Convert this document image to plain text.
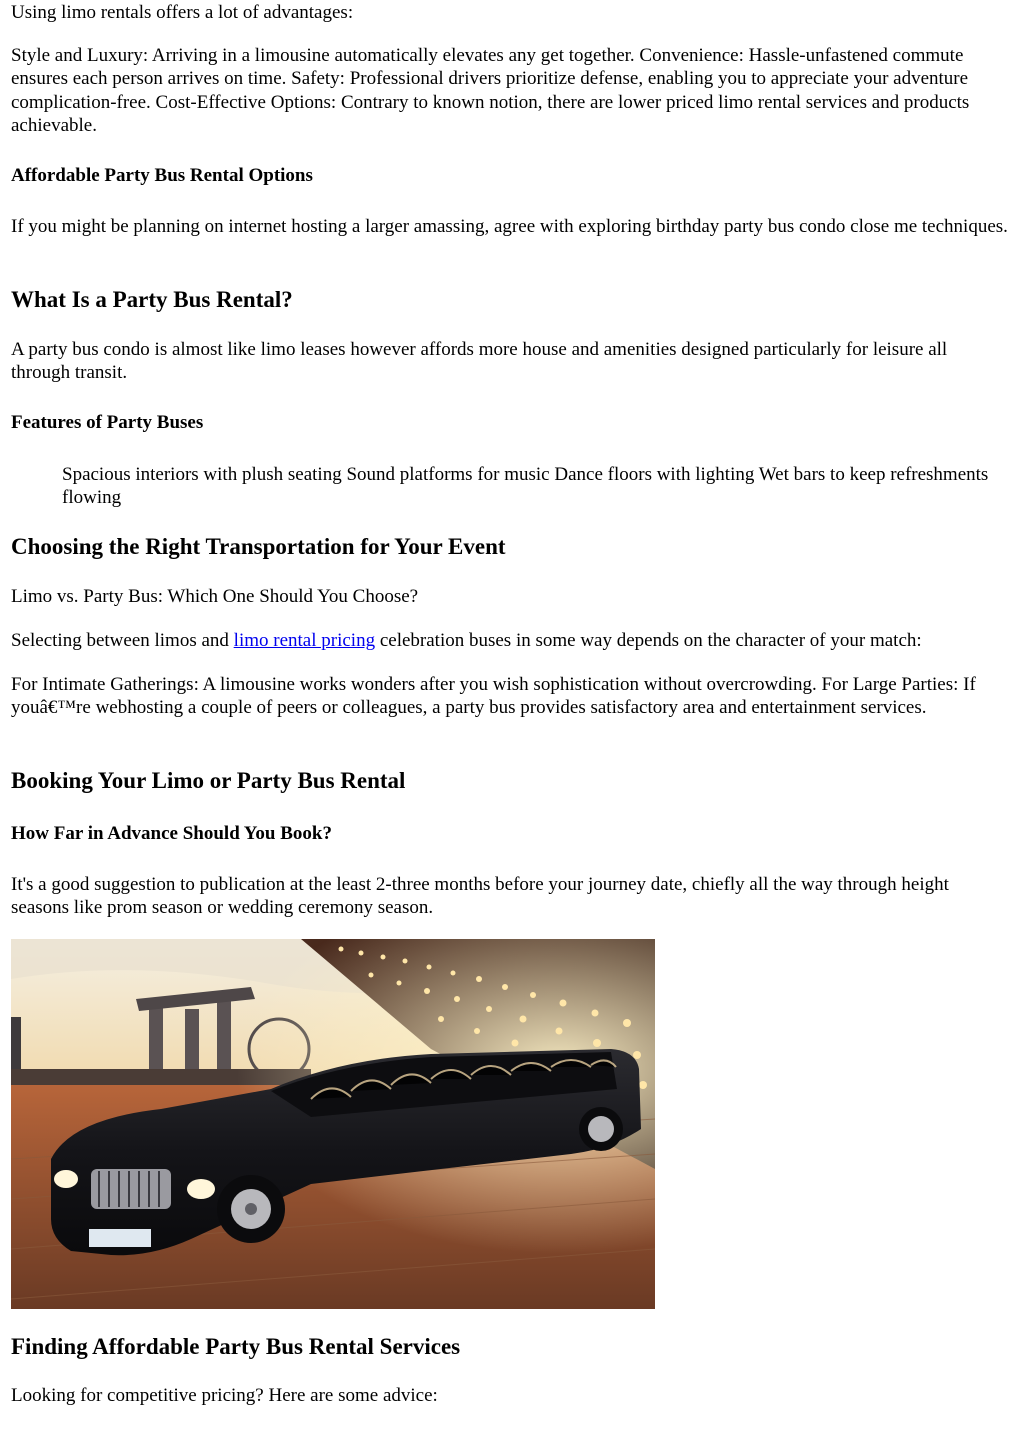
Using limo rentals offers a lot of advantages:

Style and Luxury: Arriving in a limousine automatically elevates any get together. Convenience: Hassle-unfastened commute ensures each person arrives on time. Safety: Professional drivers prioritize defense, enabling you to appreciate your adventure complication-free. Cost-Effective Options: Contrary to known notion, there are lower priced limo rental services and products achievable.

Affordable Party Bus Rental Options

If you might be planning on internet hosting a larger amassing, agree with exploring birthday party bus condo close me techniques.

What Is a Party Bus Rental?

A party bus condo is almost like limo leases however affords more house and amenities designed particularly for leisure all through transit.

Features of Party Buses
Spacious interiors with plush seating Sound platforms for music Dance floors with lighting Wet bars to keep refreshments flowing
Choosing the Right Transportation for Your Event

Limo vs. Party Bus: Which One Should You Choose?

Selecting between limos and limo rental pricing celebration buses in some way depends on the character of your match:

For Intimate Gatherings: A limousine works wonders after you wish sophistication without overcrowding. For Large Parties: If youâ€™re webhosting a couple of peers or colleagues, a party bus provides satisfactory area and entertainment services.

Booking Your Limo or Party Bus Rental
How Far in Advance Should You Book?

It's a good suggestion to publication at the least 2-three months before your journey date, chiefly all the way through height seasons like prom season or wedding ceremony season.

Finding Affordable Party Bus Rental Services

Looking for competitive pricing? Here are some advice:
